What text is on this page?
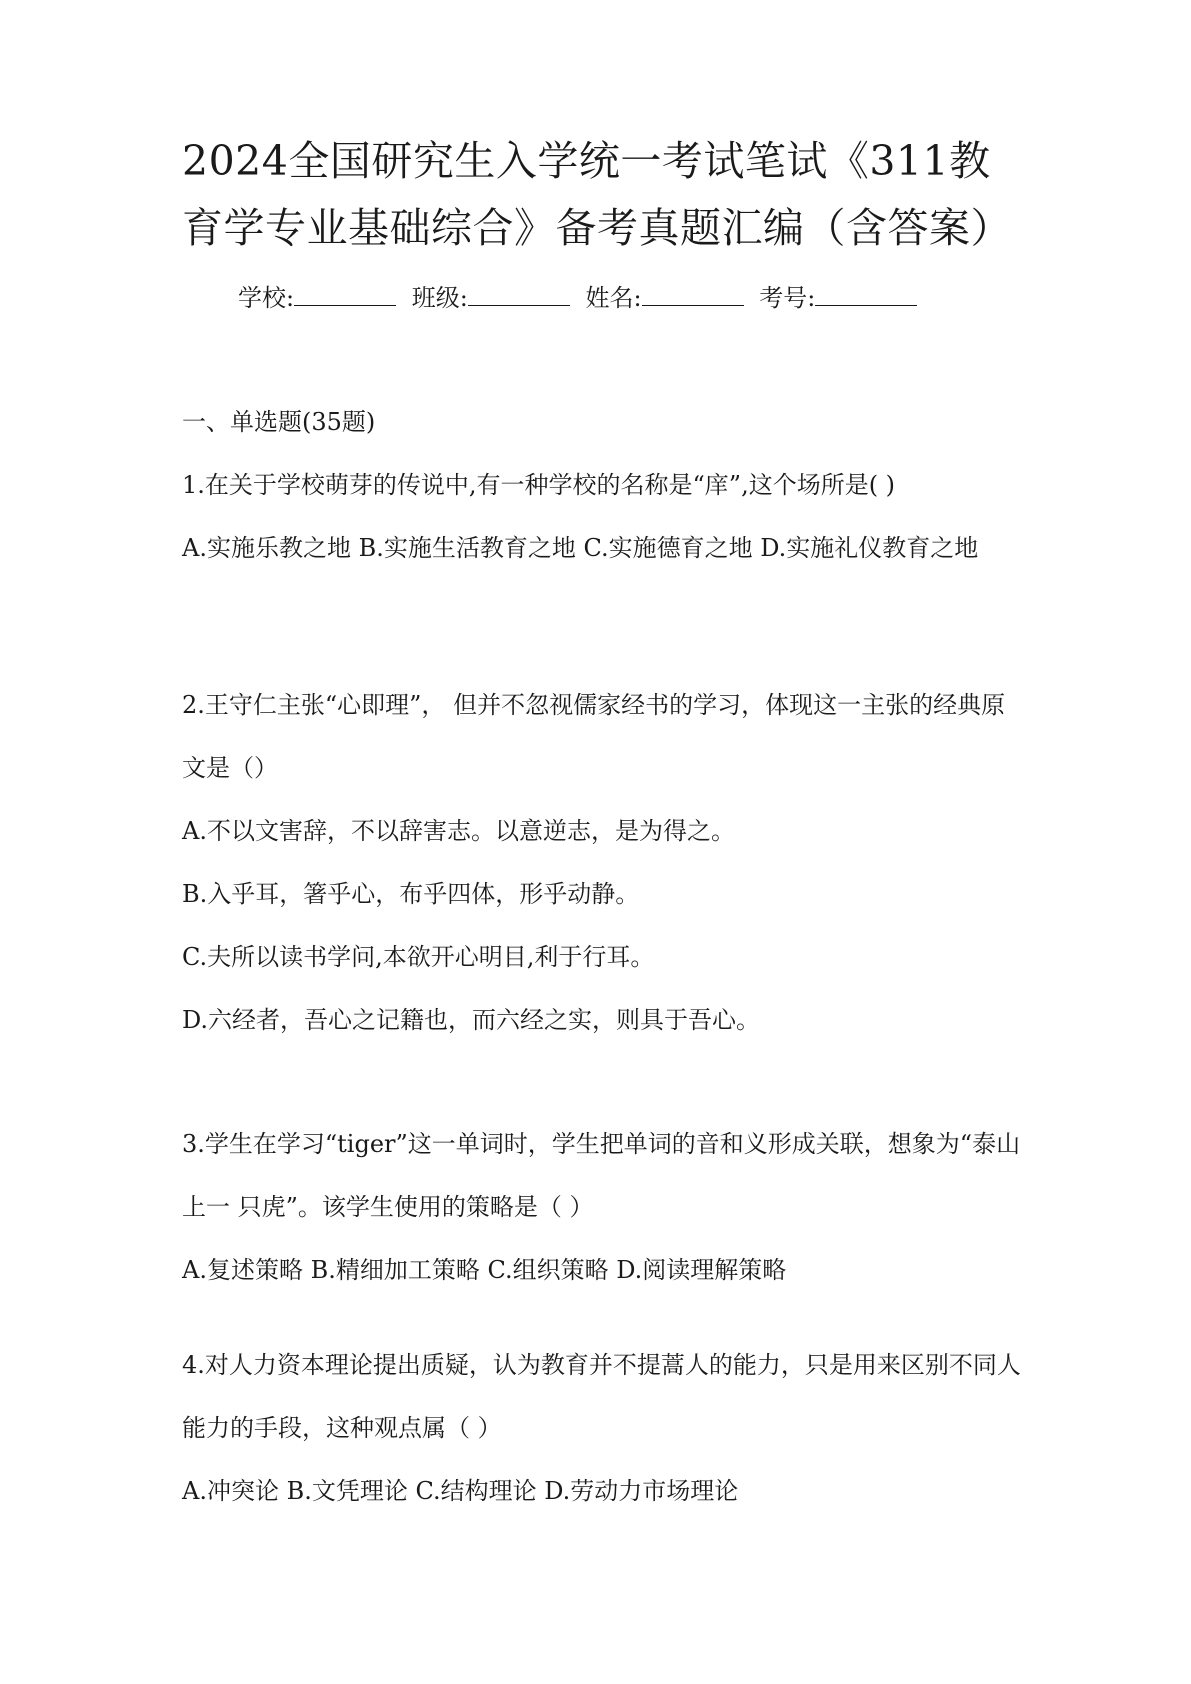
2024全国研究生入学统一考试笔试《311教育学专业基础综合》备考真题汇编（含答案）
学校:	班级:	姓名:	考号:
一、单选题(35题)

1.在关于学校萌芽的传说中,有一种学校的名称是“庠”,这个场所是( )

A.实施乐教之地 B.实施生活教育之地 C.实施德育之地 D.实施礼仪教育之地

2.王守仁主张“心即理”， 但并不忽视儒家经书的学习，体现这一主张的经典原文是（）

A.不以文害辞，不以辞害志。以意逆志，是为得之。
B.入乎耳，箸乎心，布乎四体，形乎动静。
C.夫所以读书学问,本欲开心明目,利于行耳。
D.六经者，吾心之记籍也，而六经之实，则具于吾心。

3.学生在学习“tiger”这一单词时，学生把单词的音和义形成关联，想象为“泰山上一 只虎”。该学生使用的策略是（ ）

A.复述策略 B.精细加工策略 C.组织策略 D.阅读理解策略

4.对人力资本理论提出质疑，认为教育并不提蒿人的能力，只是用来区别不同人能力的手段，这种观点属（ ）

A.冲突论 B.文凭理论 C.结构理论 D.劳动力市场理论
